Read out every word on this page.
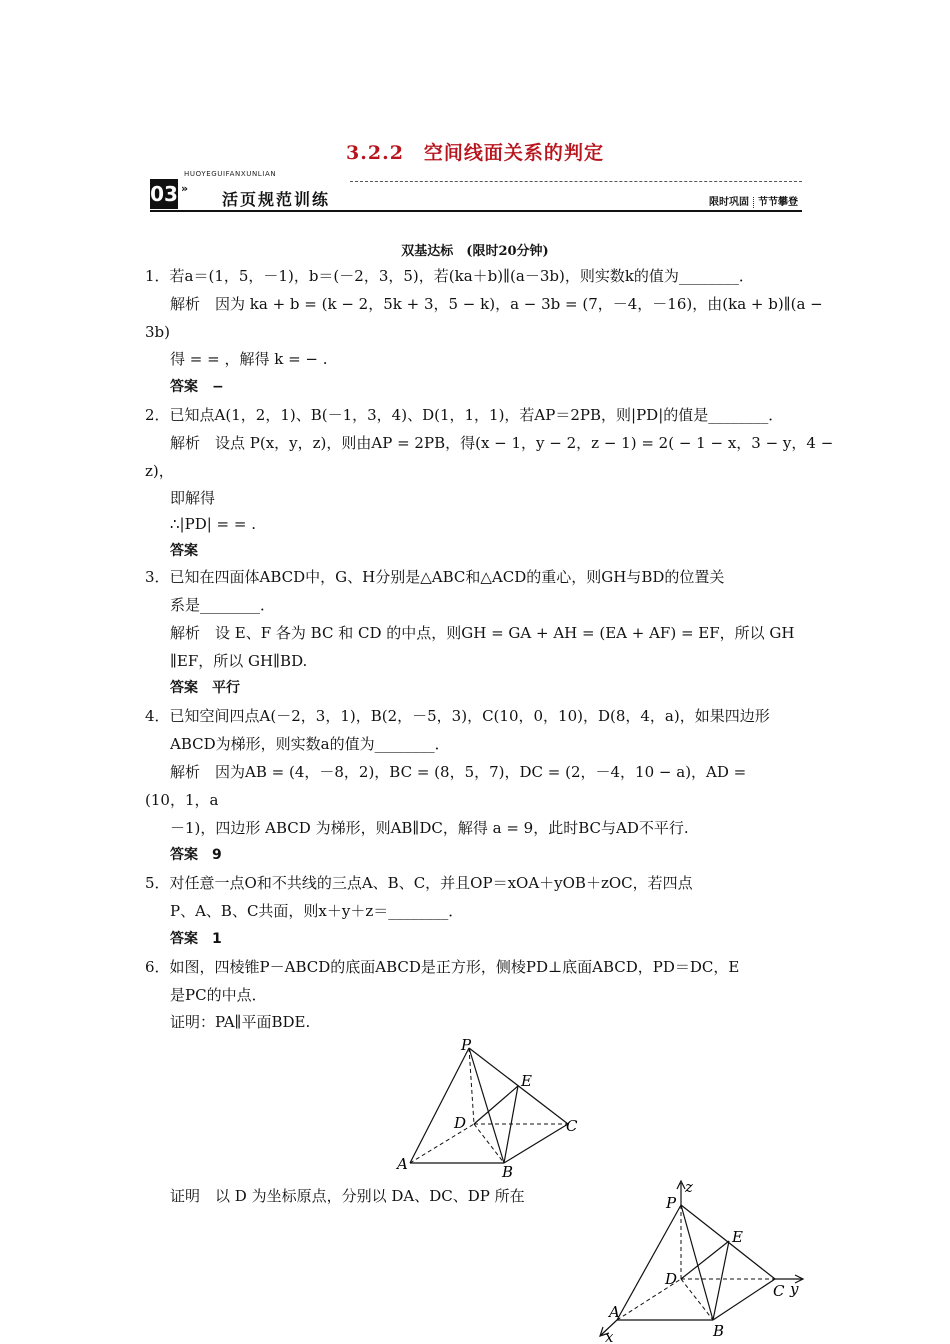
3.2.2　空间线面关系的判定
HUOYEGUIFANXUNLIAN
03 »
活页规范训练	限时巩固 节节攀登
双基达标　(限时20分钟)
1．若a＝(1，5，－1)，b＝(－2，3，5)，若(ka＋b)∥(a－3b)，则实数k的值为________．
解析　因为 ka + b = (k − 2，5k + 3，5 − k)，a − 3b = (7，－4，－16)，由(ka + b)∥(a −
3b)
得 = = ，解得 k = − .
答案　−
2．已知点A(1，2，1)、B(－1，3，4)、D(1，1，1)，若AP＝2PB，则|PD|的值是________．
解析　设点 P(x，y，z)，则由AP = 2PB，得(x − 1，y − 2，z − 1) = 2( − 1 − x，3 − y，4 −
z)，
即解得
∴|PD| = = .
答案
3．已知在四面体ABCD中，G、H分别是△ABC和△ACD的重心，则GH与BD的位置关
系是________．
解析　设 E、F 各为 BC 和 CD 的中点，则GH = GA + AH = (EA + AF) = EF，所以 GH
∥EF，所以 GH∥BD.
答案　平行
4．已知空间四点A(－2，3，1)，B(2，－5，3)，C(10，0，10)，D(8，4，a)，如果四边形
ABCD为梯形，则实数a的值为________．
解析　因为AB = (4，－8，2)，BC = (8，5，7)，DC = (2，－4，10 − a)，AD =
(10，1，a
－1)，四边形 ABCD 为梯形，则AB∥DC，解得 a = 9，此时BC与AD不平行.
答案　9
5．对任意一点O和不共线的三点A、B、C，并且OP＝xOA＋yOB＋zOC，若四点
P、A、B、C共面，则x＋y＋z＝________．
答案　1
6．如图，四棱锥P－ABCD的底面ABCD是正方形，侧棱PD⊥底面ABCD，PD＝DC，E
是PC的中点．
证明：PA∥平面BDE.
P
E
D	C
A	B
证明　以 D 为坐标原点，分别以 DA、DC、DP 所在	z
P
E
D
C y
A
B
x
